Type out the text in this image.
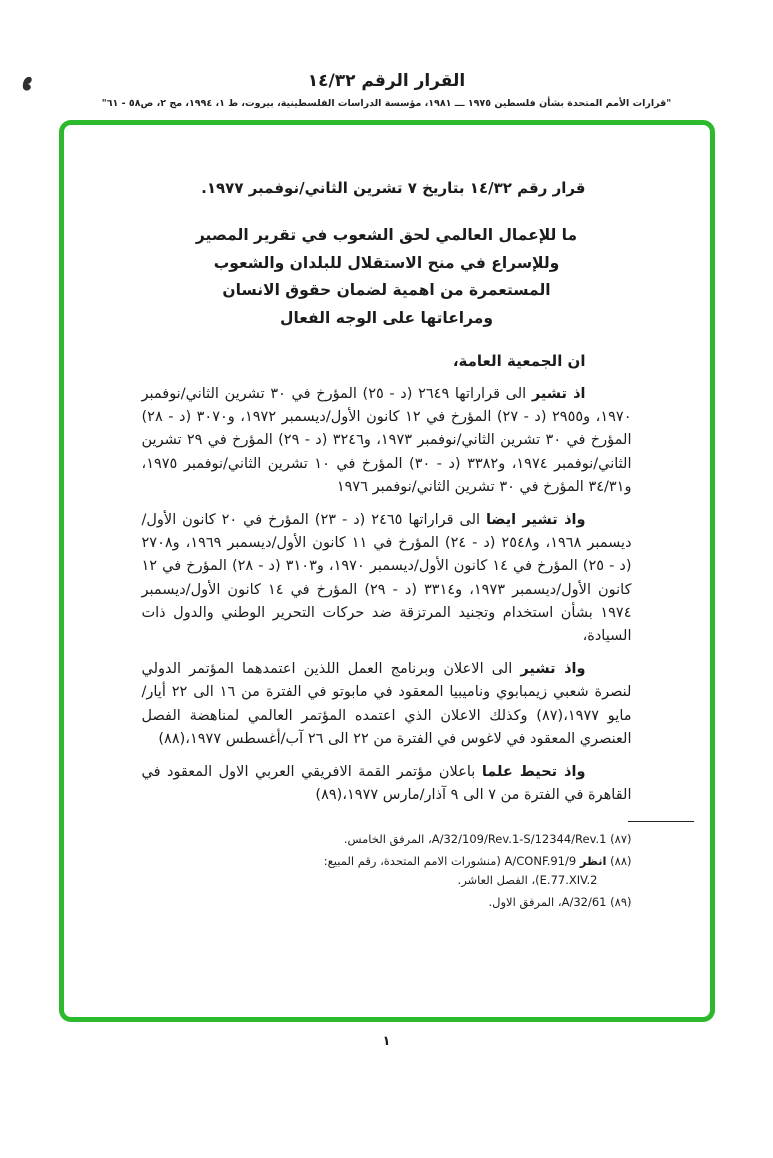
القرار الرقم ١٤/٣٢
"قرارات الأمم المتحدة بشأن فلسطين ١٩٧٥ ـــ ١٩٨١، مؤسسة الدراسات الفلسطينية، بيروت، ط ١، ١٩٩٤، مج ٢، ص٥٨ - ٦١"

قرار رقم ١٤/٣٢ بتاريخ ٧ تشرين الثاني/نوفمبر ١٩٧٧.

ما للإعمال العالمي لحق الشعوب في تقرير المصير
وللإسراع في منح الاستقلال للبلدان والشعوب
المستعمرة من اهمية لضمان حقوق الانسان
ومراعاتها على الوجه الفعال

ان الجمعية العامة،

اذ تشير الى قراراتها ٢٦٤٩ (د - ٢٥) المؤرخ في ٣٠ تشرين الثاني/نوفمبر ١٩٧٠، و٢٩٥٥ (د - ٢٧) المؤرخ في ١٢ كانون الأول/ديسمبر ١٩٧٢، و٣٠٧٠ (د - ٢٨) المؤرخ في ٣٠ تشرين الثاني/نوفمبر ١٩٧٣، و٣٢٤٦ (د - ٢٩) المؤرخ في ٢٩ تشرين الثاني/نوفمبر ١٩٧٤، و٣٣٨٢ (د - ٣٠) المؤرخ في ١٠ تشرين الثاني/نوفمبر ١٩٧٥، و٣٤/٣١ المؤرخ في ٣٠ تشرين الثاني/نوفمبر ١٩٧٦

واذ تشير ايضا الى قراراتها ٢٤٦٥ (د - ٢٣) المؤرخ في ٢٠ كانون الأول/ديسمبر ١٩٦٨، و٢٥٤٨ (د - ٢٤) المؤرخ في ١١ كانون الأول/ديسمبر ١٩٦٩، و٢٧٠٨ (د - ٢٥) المؤرخ في ١٤ كانون الأول/ديسمبر ١٩٧٠، و٣١٠٣ (د - ٢٨) المؤرخ في ١٢ كانون الأول/ديسمبر ١٩٧٣، و٣٣١٤ (د - ٢٩) المؤرخ في ١٤ كانون الأول/ديسمبر ١٩٧٤ بشأن استخدام وتجنيد المرتزقة ضد حركات التحرير الوطني والدول ذات السيادة،

واذ تشير الى الاعلان وبرنامج العمل اللذين اعتمدهما المؤتمر الدولي لنصرة شعبي زيمبابوي وناميبيا المعقود في مابوتو في الفترة من ١٦ الى ٢٢ أيار/مايو ١٩٧٧،(٨٧) وكذلك الاعلان الذي اعتمده المؤتمر العالمي لمناهضة الفصل العنصري المعقود في لاغوس في الفترة من ٢٢ الى ٢٦ آب/أغسطس ١٩٧٧،(٨٨)

واذ تحيط علما باعلان مؤتمر القمة الافريقي العربي الاول المعقود في القاهرة في الفترة من ٧ الى ٩ آذار/مارس ١٩٧٧،(٨٩)

(٨٧) A/32/109/Rev.1-S/12344/Rev.1، المرفق الخامس.

(٨٨) انظر A/CONF.91/9 (منشورات الامم المتحدة، رقم المبيع: E.77.XIV.2)، الفصل العاشر.

(٨٩) A/32/61، المرفق الاول.

١
